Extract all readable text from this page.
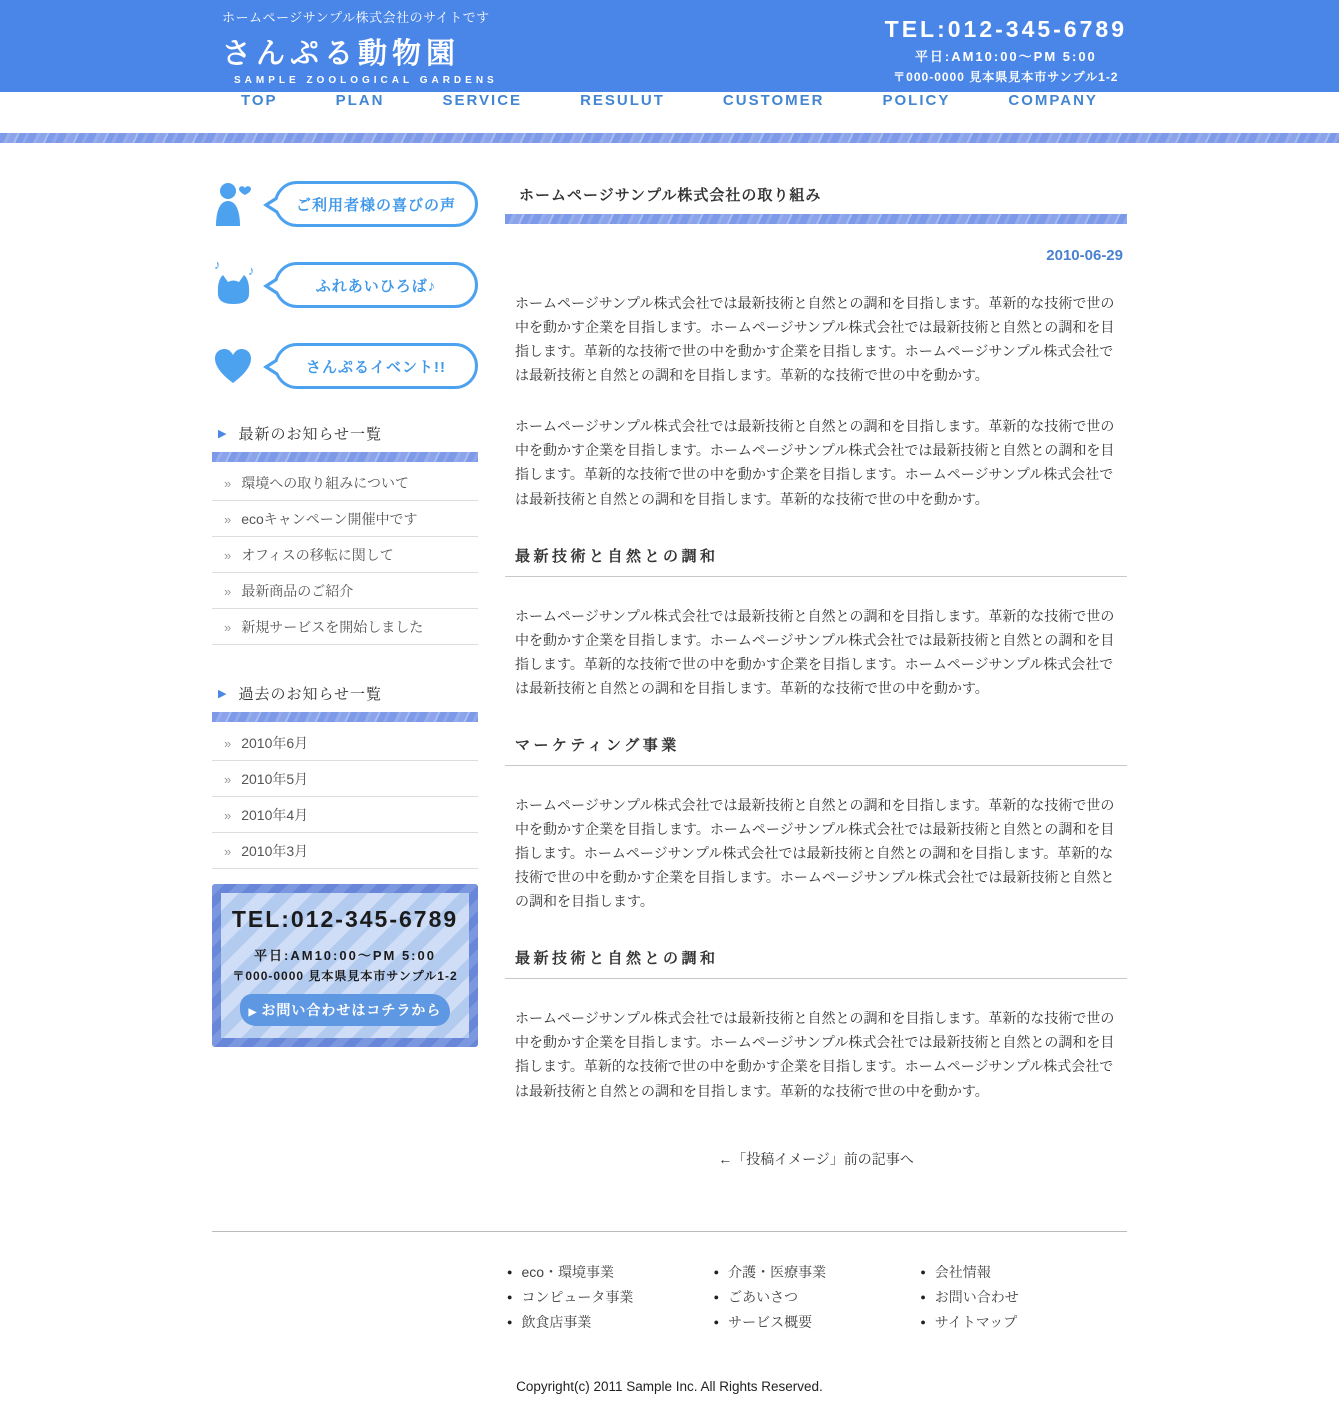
ホームページサンプル株式会社のサイトです
さんぷる動物園
SAMPLE ZOOLOGICAL GARDENS
TEL:012-345-6789
平日:AM10:00〜PM 5:00
〒000-0000 見本県見本市サンプル1-2
TOP	PLAN	SERVICE	RESULUT	CUSTOMER	POLICY	COMPANY
ご利用者様の喜びの声
♪ ♪
ふれあいひろば♪
さんぷるイベント!!
▶ 最新のお知らせ一覧
» 環境への取り組みについて
» ecoキャンペーン開催中です
» オフィスの移転に関して
» 最新商品のご紹介
» 新規サービスを開始しました
▶ 過去のお知らせ一覧
» 2010年6月
» 2010年5月
» 2010年4月
» 2010年3月
TEL:012-345-6789
平日:AM10:00〜PM 5:00
〒000-0000 見本県見本市サンプル1-2
▶ お問い合わせはコチラから
ホームページサンプル株式会社の取り組み
2010-06-29

ホームページサンプル株式会社では最新技術と自然との調和を目指します。革新的な技術で世の中を動かす企業を目指します。ホームページサンプル株式会社では最新技術と自然との調和を目指します。革新的な技術で世の中を動かす企業を目指します。ホームページサンプル株式会社では最新技術と自然との調和を目指します。革新的な技術で世の中を動かす。

ホームページサンプル株式会社では最新技術と自然との調和を目指します。革新的な技術で世の中を動かす企業を目指します。ホームページサンプル株式会社では最新技術と自然との調和を目指します。革新的な技術で世の中を動かす企業を目指します。ホームページサンプル株式会社では最新技術と自然との調和を目指します。革新的な技術で世の中を動かす。

最新技術と自然との調和

ホームページサンプル株式会社では最新技術と自然との調和を目指します。革新的な技術で世の中を動かす企業を目指します。ホームページサンプル株式会社では最新技術と自然との調和を目指します。革新的な技術で世の中を動かす企業を目指します。ホームページサンプル株式会社では最新技術と自然との調和を目指します。革新的な技術で世の中を動かす。

マーケティング事業

ホームページサンプル株式会社では最新技術と自然との調和を目指します。革新的な技術で世の中を動かす企業を目指します。ホームページサンプル株式会社では最新技術と自然との調和を目指します。ホームページサンプル株式会社では最新技術と自然との調和を目指します。革新的な技術で世の中を動かす企業を目指します。ホームページサンプル株式会社では最新技術と自然との調和を目指します。

最新技術と自然との調和

ホームページサンプル株式会社では最新技術と自然との調和を目指します。革新的な技術で世の中を動かす企業を目指します。ホームページサンプル株式会社では最新技術と自然との調和を目指します。革新的な技術で世の中を動かす企業を目指します。ホームページサンプル株式会社では最新技術と自然との調和を目指します。革新的な技術で世の中を動かす。

←「投稿イメージ」前の記事へ
● eco・環境事業
● コンピュータ事業
● 飲食店事業
● 介護・医療事業
● ごあいさつ
● サービス概要
● 会社情報
● お問い合わせ
● サイトマップ
Copyright(c) 2011 Sample Inc. All Rights Reserved.
